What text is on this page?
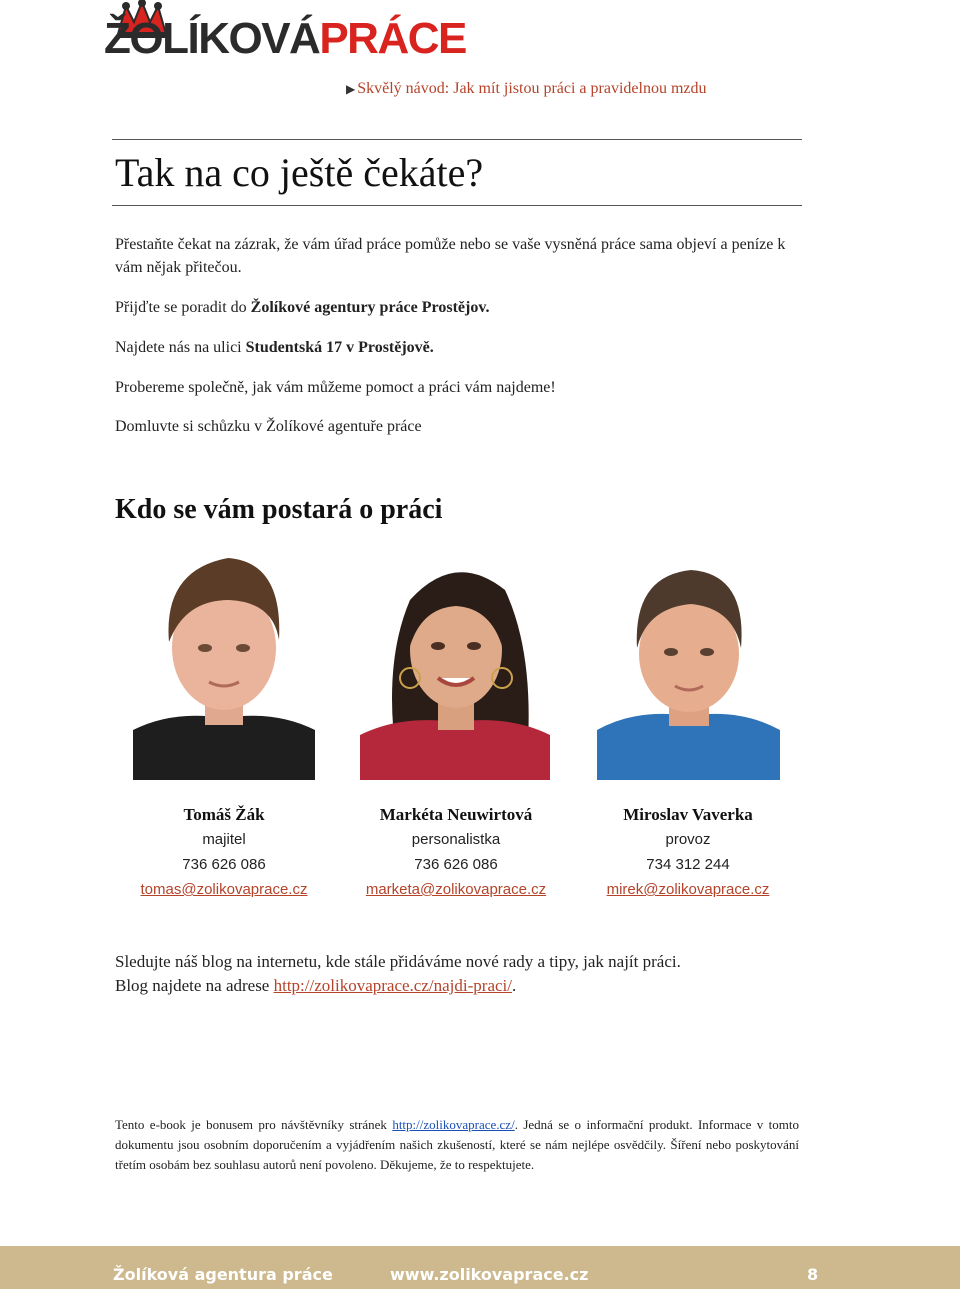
ŽOLÍKOVÁPRÁCE
▶ Skvělý návod: Jak mít jistou práci a pravidelnou mzdu
Tak na co ještě čekáte?

Přestaňte čekat na zázrak, že vám úřad práce pomůže nebo se vaše vysněná práce sama objeví a peníze k vám nějak přitečou.

Přijďte se poradit do Žolíkové agentury práce Prostějov.

Najdete nás na ulici Studentská 17 v Prostějově.

Probereme společně, jak vám můžeme pomoct a práci vám najdeme!

Domluvte si schůzku v Žolíkové agentuře práce

Kdo se vám postará o práci
Tomáš Žák
majitel
736 626 086
tomas@zolikovaprace.cz
Markéta Neuwirtová
personalistka
736 626 086
marketa@zolikovaprace.cz
Miroslav Vaverka
provoz
734 312 244
mirek@zolikovaprace.cz

Sledujte náš blog na internetu, kde stále přidáváme nové rady a tipy, jak najít práci.
Blog najdete na adrese http://zolikovaprace.cz/najdi-praci/.

Tento e-book je bonusem pro návštěvníky stránek http://zolikovaprace.cz/. Jedná se o informační produkt. Informace v tomto dokumentu jsou osobním doporučením a vyjádřením našich zkušeností, které se nám nejlépe osvědčily. Šíření nebo poskytování třetím osobám bez souhlasu autorů není povoleno. Děkujeme, že to respektujete.

Žolíková agentura práce	www.zolikovaprace.cz	8
